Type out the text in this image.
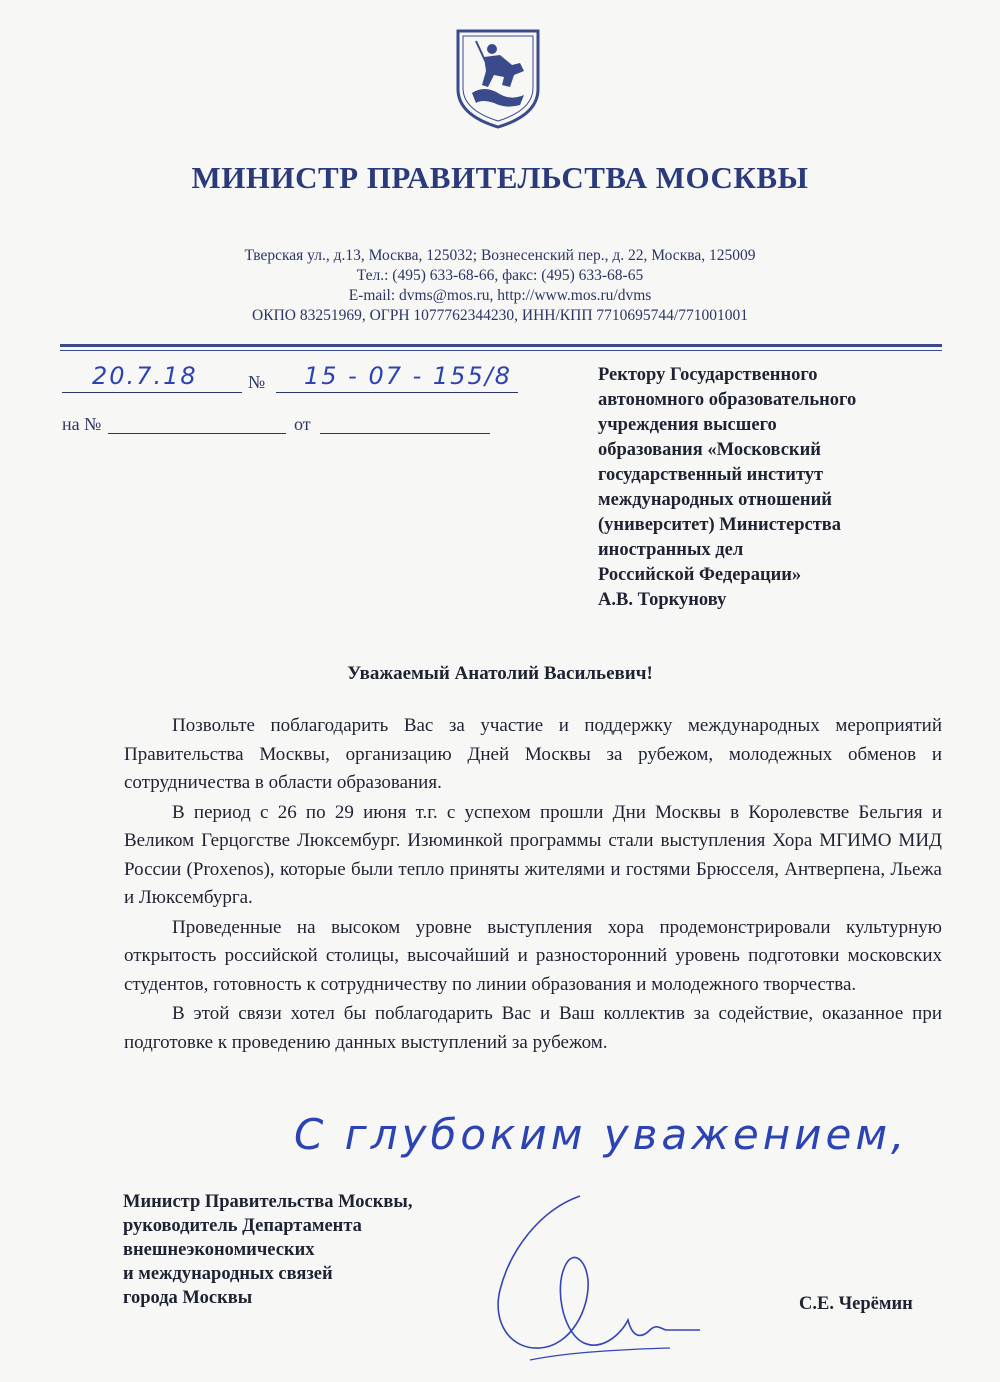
МИНИСТР ПРАВИТЕЛЬСТВА МОСКВЫ
Тверская ул., д.13, Москва, 125032; Вознесенский пер., д. 22, Москва, 125009
Тел.: (495) 633-68-66, факс: (495) 633-68-65
E-mail: dvms@mos.ru, http://www.mos.ru/dvms
ОКПО 83251969, ОГРН 1077762344230, ИНН/КПП 7710695744/771001001
20.7.18	№ 15 - 07 - 155/8
на №	от
Ректору Государственного
автономного образовательного
учреждения высшего
образования «Московский
государственный институт
международных отношений
(университет) Министерства
иностранных дел
Российской Федерации»
А.В. Торкунову
Уважаемый Анатолий Васильевич!

Позвольте поблагодарить Вас за участие и поддержку международных мероприятий Правительства Москвы, организацию Дней Москвы за рубежом, молодежных обменов и сотрудничества в области образования.

В период с 26 по 29 июня т.г. с успехом прошли Дни Москвы в Королевстве Бельгия и Великом Герцогстве Люксембург. Изюминкой программы стали выступления Хора МГИМО МИД России (Proxenos), которые были тепло приняты жителями и гостями Брюсселя, Антверпена, Льежа и Люксембурга.

Проведенные на высоком уровне выступления хора продемонстрировали культурную открытость российской столицы, высочайший и разносторонний уровень подготовки московских студентов, готовность к сотрудничеству по линии образования и молодежного творчества.

В этой связи хотел бы поблагодарить Вас и Ваш коллектив за содействие, оказанное при подготовке к проведению данных выступлений за рубежом.

С глубоким уважением,
Министр Правительства Москвы,
руководитель Департамента
внешнеэкономических
и международных связей
города Москвы	С.Е. Черёмин
